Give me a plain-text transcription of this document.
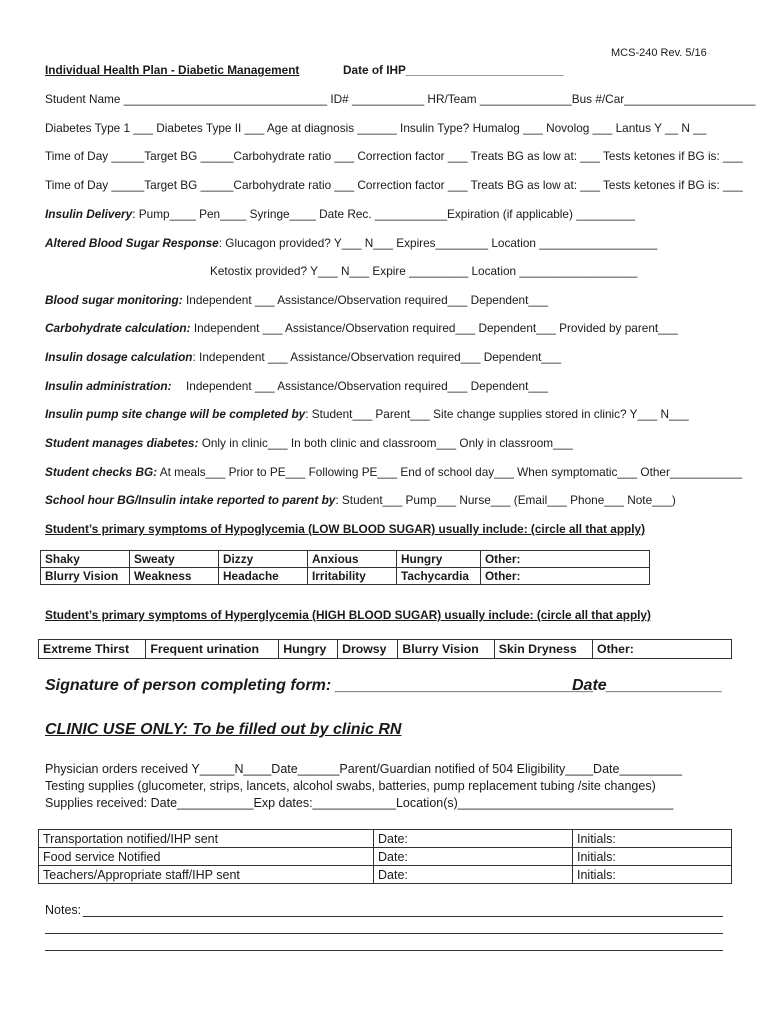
MCS-240 Rev. 5/16
Individual Health Plan - Diabetic Management	Date of IHP________________________
Student Name _______________________________ ID# ___________ HR/Team ______________Bus #/Car____________________
Diabetes Type 1 ___ Diabetes Type II ___ Age at diagnosis ______ Insulin Type? Humalog ___ Novolog ___ Lantus Y __ N __
Time of Day _____Target BG _____Carbohydrate ratio ___ Correction factor ___ Treats BG as low at: ___ Tests ketones if BG is: ___
Time of Day _____Target BG _____Carbohydrate ratio ___ Correction factor ___ Treats BG as low at: ___ Tests ketones if BG is: ___
Insulin Delivery: Pump____ Pen____ Syringe____ Date Rec. ___________Expiration (if applicable) _________
Altered Blood Sugar Response: Glucagon provided? Y___ N___ Expires________ Location __________________
Ketostix provided? Y___ N___ Expire _________ Location __________________
Blood sugar monitoring: Independent ___ Assistance/Observation required___ Dependent___
Carbohydrate calculation: Independent ___ Assistance/Observation required___ Dependent___ Provided by parent___
Insulin dosage calculation: Independent ___ Assistance/Observation required___ Dependent___
Insulin administration: Independent ___ Assistance/Observation required___ Dependent___
Insulin pump site change will be completed by: Student___ Parent___ Site change supplies stored in clinic? Y___ N___
Student manages diabetes: Only in clinic___ In both clinic and classroom___ Only in classroom___
Student checks BG: At meals___ Prior to PE___ Following PE___ End of school day___ When symptomatic___ Other___________
School hour BG/Insulin intake reported to parent by: Student___ Pump___ Nurse___ (Email___ Phone___ Note___)
Student’s primary symptoms of Hypoglycemia (LOW BLOOD SUGAR) usually include: (circle all that apply)
Shaky	Sweaty	Dizzy	Anxious	Hungry	Other:
Blurry Vision	Weakness	Headache	Irritability	Tachycardia	Other:
Student’s primary symptoms of Hyperglycemia (HIGH BLOOD SUGAR) usually include: (circle all that apply)
Extreme Thirst	Frequent urination	Hungry	Drowsy	Blurry Vision	Skin Dryness	Other:
Signature of person completing form: _____________________________
Date_____________
CLINIC USE ONLY: To be filled out by clinic RN
Physician orders received Y_____N____Date______Parent/Guardian notified of 504 Eligibility____Date_________
Testing supplies (glucometer, strips, lancets, alcohol swabs, batteries, pump replacement tubing /site changes)
Supplies received: Date___________Exp dates:____________Location(s)_______________________________
Transportation notified/IHP sent	Date:	Initials:
Food service Notified	Date:	Initials:
Teachers/Appropriate staff/IHP sent	Date:	Initials:
Notes:
